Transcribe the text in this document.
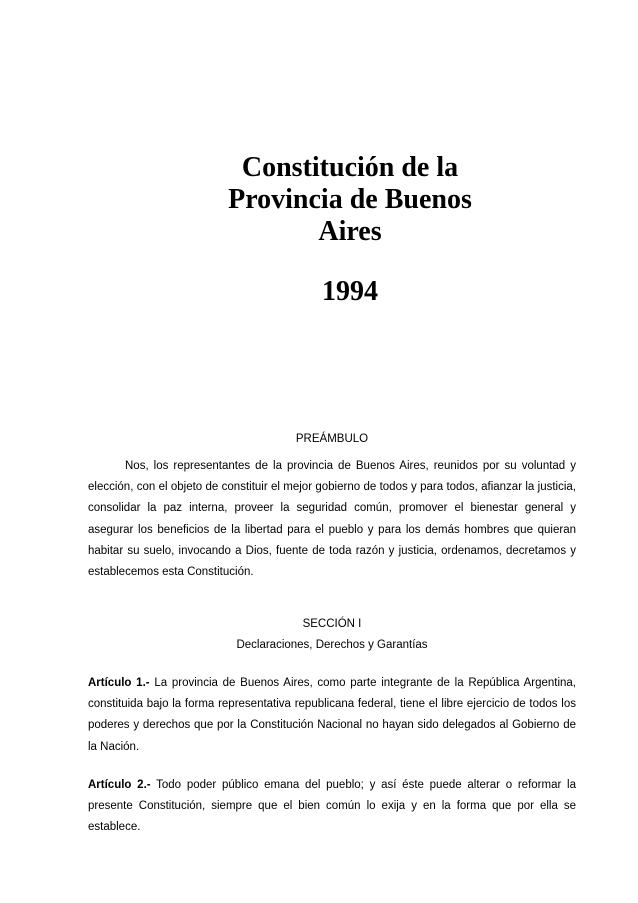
Constitución de la
Provincia de Buenos
Aires
1994
PREÁMBULO
Nos, los representantes de la provincia de Buenos Aires, reunidos por su voluntad y elección, con el objeto de constituir el mejor gobierno de todos y para todos, afianzar la justicia, consolidar la paz interna, proveer la seguridad común, promover el bienestar general y asegurar los beneficios de la libertad para el pueblo y para los demás hombres que quieran habitar su suelo, invocando a Dios, fuente de toda razón y justicia, ordenamos, decretamos y establecemos esta Constitución.
SECCIÓN I
Declaraciones, Derechos y Garantías
Artículo 1.- La provincia de Buenos Aires, como parte integrante de la República Argentina, constituida bajo la forma representativa republicana federal, tiene el libre ejercicio de todos los poderes y derechos que por la Constitución Nacional no hayan sido delegados al Gobierno de la Nación.
Artículo 2.- Todo poder público emana del pueblo; y así éste puede alterar o reformar la presente Constitución, siempre que el bien común lo exija y en la forma que por ella se establece.
